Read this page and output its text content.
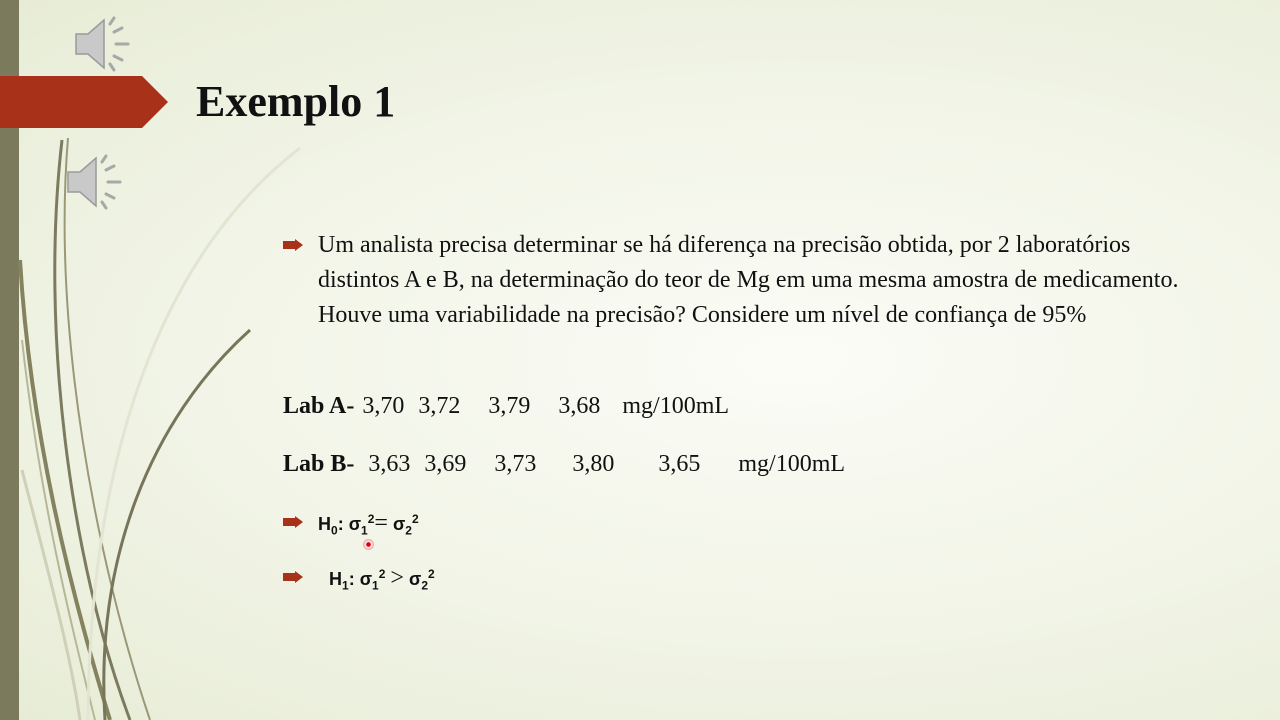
Exemplo 1
Um analista precisa determinar se há diferença na precisão obtida, por 2 laboratórios distintos A e B, na determinação do teor de Mg em uma mesma amostra de medicamento. Houve uma variabilidade na precisão? Considere um nível de confiança de 95%
Lab A- 3,70 3,72 3,79 3,68 mg/100mL
Lab B- 3,63 3,69 3,73 3,80 3,65 mg/100mL
$H_0$: $\sigma_1^2= \sigma_2^2$
$H_1$: $\sigma_1^2 > \sigma_2^2$
